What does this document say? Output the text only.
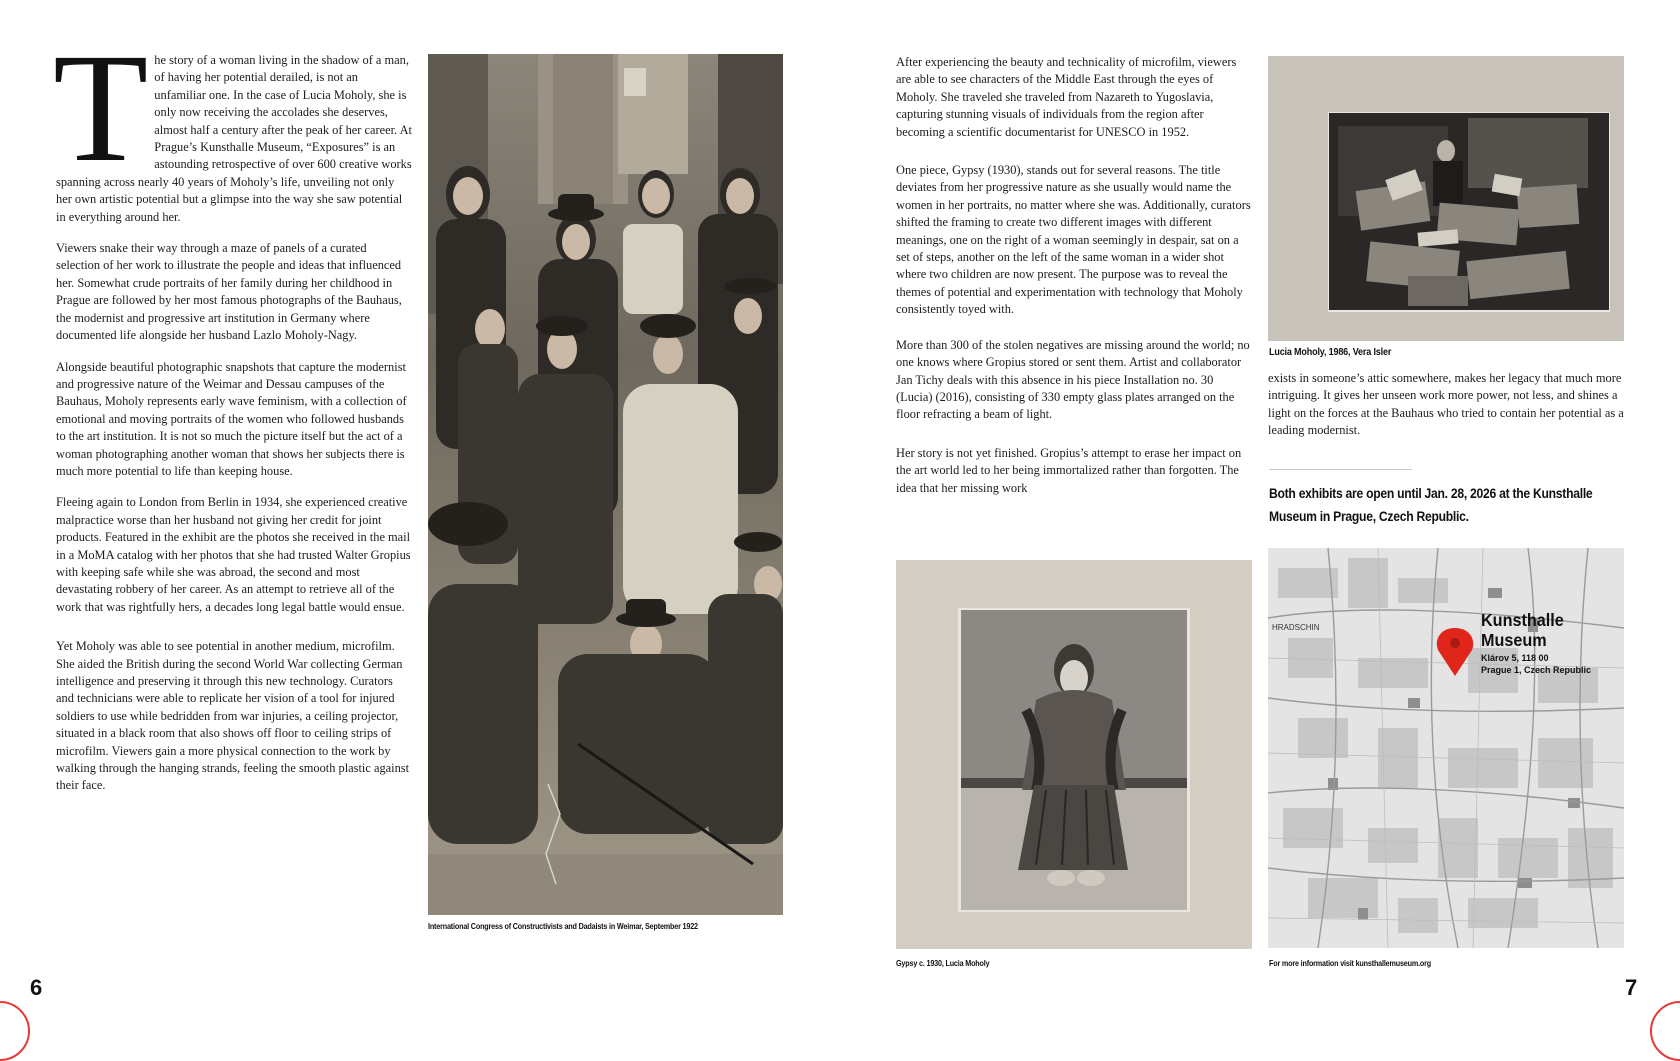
T he story of a woman living in the shadow of a man, of having her potential derailed, is not an unfamiliar one. In the case of Lucia Moholy, she is only now receiving the accolades she deserves, almost half a century after the peak of her career. At Prague’s Kunsthalle Museum, “Exposures” is an astounding retrospective of over 600 creative works spanning across nearly 40 years of Moholy’s life, unveiling not only her own artistic potential but a glimpse into the way she saw potential in everything around her.

Viewers snake their way through a maze of panels of a curated selection of her work to illustrate the people and ideas that influenced her. Somewhat crude portraits of her family during her childhood in Prague are followed by her most famous photographs of the Bauhaus, the modernist and progressive art institution in Germany where documented life alongside her husband Lazlo Moholy-Nagy.

Alongside beautiful photographic snapshots that capture the modernist and progressive nature of the Weimar and Dessau campuses of the Bauhaus, Moholy represents early wave feminism, with a collection of emotional and moving portraits of the women who followed husbands to the art institution. It is not so much the picture itself but the act of a woman photographing another woman that shows her subjects there is much more potential to life than keeping house.

Fleeing again to London from Berlin in 1934, she experienced creative malpractice worse than her husband not giving her credit for joint products. Featured in the exhibit are the photos she received in the mail in a MoMA catalog with her photos that she had trusted Walter Gropius with keeping safe while she was abroad, the second and most devastating robbery of her career. As an attempt to retrieve all of the work that was rightfully hers, a decades long legal battle would ensue.

Yet Moholy was able to see potential in another medium, microfilm. She aided the British during the second World War collecting German intelligence and preserving it through this new technology. Curators and technicians were able to replicate her vision of a tool for injured soldiers to use while bedridden from war injuries, a ceiling projector, situated in a black room that also shows off floor to ceiling strips of microfilm. Viewers gain a more physical connection to the work by walking through the hanging strands, feeling the smooth plastic against their face.

International Congress of Constructivists and Dadaists in Weimar, September 1922
6

After experiencing the beauty and technicality of microfilm, viewers are able to see characters of the Middle East through the eyes of Moholy. She traveled she traveled from Nazareth to Yugoslavia, capturing stunning visuals of individuals from the region after becoming a scientific documentarist for UNESCO in 1952.

One piece, Gypsy (1930), stands out for several reasons. The title deviates from her progressive nature as she usually would name the women in her portraits, no matter where she was. Additionally, curators shifted the framing to create two different images with different meanings, one on the right of a woman seemingly in despair, sat on a set of steps, another on the left of the same woman in a wider shot where two children are now present. The purpose was to reveal the themes of potential and experimentation with technology that Moholy consistently toyed with.

More than 300 of the stolen negatives are missing around the world; no one knows where Gropius stored or sent them. Artist and collaborator Jan Tichy deals with this absence in his piece Installation no. 30 (Lucia) (2016), consisting of 330 empty glass plates arranged on the floor refracting a beam of light.

Her story is not yet finished. Gropius’s attempt to erase her impact on the art world led to her being immortalized rather than forgotten. The idea that her missing work

Lucia Moholy, 1986, Vera Isler
exists in someone’s attic somewhere, makes her legacy that much more intriguing. It gives her unseen work more power, not less, and shines a light on the forces at the Bauhaus who tried to contain her potential as a leading modernist.
Both exhibits are open until Jan. 28, 2026 at the Kunsthalle Museum in Prague, Czech Republic.
Gypsy c. 1930, Lucia Moholy
HRADSCHIN	Kunsthalle
Museum
Klárov 5, 118 00
Prague 1, Czech Republic
For more information visit kunsthallemuseum.org
7
